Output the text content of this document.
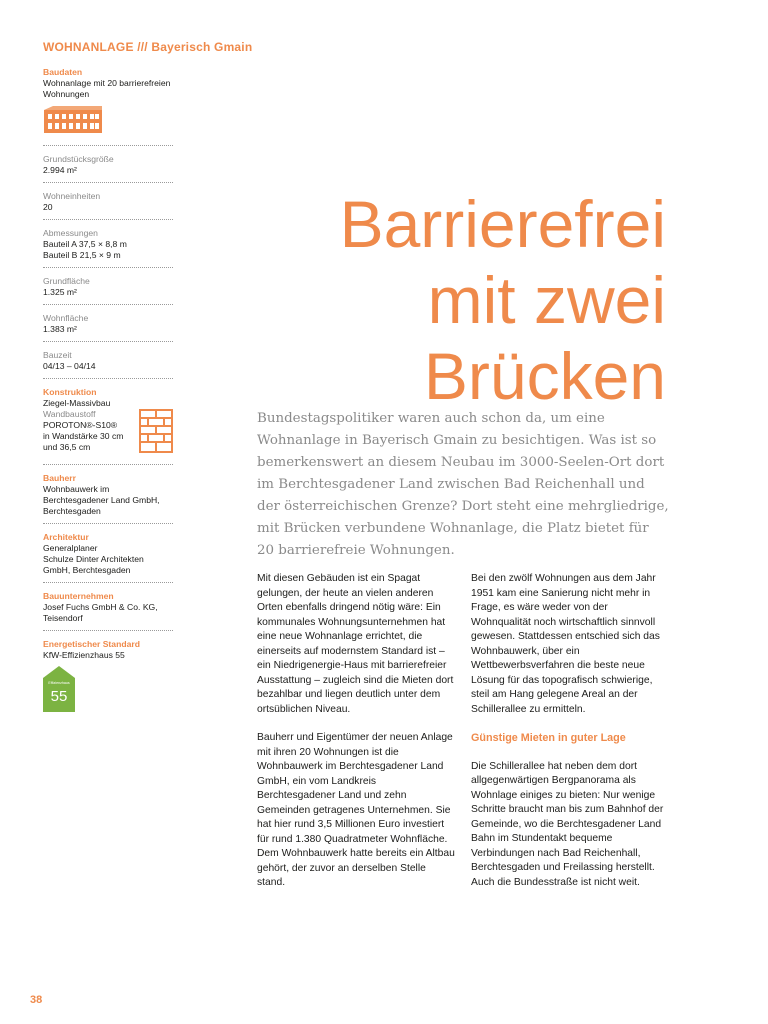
WOHNANLAGE /// Bayerisch Gmain
Baudaten
Wohnanlage mit 20 barrierefreien Wohnungen
Grundstücksgröße
2.994 m²
Wohneinheiten
20
Abmessungen
Bauteil A 37,5 × 8,8 m
Bauteil B 21,5 × 9 m
Grundfläche
1.325 m²
Wohnfläche
1.383 m²
Bauzeit
04/13 – 04/14
Konstruktion
Ziegel-Massivbau
Wandbaustoff
POROTON®-S10® in Wandstärke 30 cm und 36,5 cm
Bauherr
Wohnbauwerk im Berchtesgadener Land GmbH, Berchtesgaden
Architektur
Generalplaner
Schulze Dinter Architekten GmbH, Berchtesgaden
Bauunternehmen
Josef Fuchs GmbH & Co. KG, Teisendorf
Energetischer Standard
KfW-Effizienzhaus 55
Effizienzhaus
55
Barrierefrei
mit zwei
Brücken
Bundestagspolitiker waren auch schon da, um eine Wohnanlage in Bayerisch Gmain zu besichtigen. Was ist so bemerkenswert an diesem Neubau im 3000-Seelen-Ort dort im Berchtesgadener Land zwischen Bad Reichenhall und der österreichischen Grenze? Dort steht eine mehrgliedrige, mit Brücken verbundene Wohnanlage, die Platz bietet für 20 barrierefreie Wohnungen.

Mit diesen Gebäuden ist ein Spagat gelungen, der heute an vielen anderen Orten ebenfalls dringend nötig wäre: Ein kommunales Wohnungsunternehmen hat eine neue Wohnanlage errichtet, die einerseits auf modernstem Standard ist – ein Niedrigenergie-Haus mit barrierefreier Ausstattung – zugleich sind die Mieten dort bezahlbar und liegen deutlich unter dem ortsüblichen Niveau.

Bauherr und Eigentümer der neuen Anlage mit ihren 20 Wohnungen ist die Wohnbauwerk im Berchtesgadener Land GmbH, ein vom Landkreis Berchtesgadener Land und zehn Gemeinden getragenes Unternehmen. Sie hat hier rund 3,5 Millionen Euro investiert für rund 1.380 Quadratmeter Wohnfläche. Dem Wohnbauwerk hatte bereits ein Altbau gehört, der zuvor an derselben Stelle stand.

Bei den zwölf Wohnungen aus dem Jahr 1951 kam eine Sanierung nicht mehr in Frage, es wäre weder von der Wohnqualität noch wirtschaftlich sinnvoll gewesen. Stattdessen entschied sich das Wohnbauwerk, über ein Wettbewerbsverfahren die beste neue Lösung für das topografisch schwierige, steil am Hang gelegene Areal an der Schillerallee zu ermitteln.

Günstige Mieten in guter Lage

Die Schillerallee hat neben dem dort allgegenwärtigen Bergpanorama als Wohnlage einiges zu bieten: Nur wenige Schritte braucht man bis zum Bahnhof der Gemeinde, wo die Berchtesgadener Land Bahn im Stundentakt bequeme Verbindungen nach Bad Reichenhall, Berchtesgaden und Freilassing herstellt. Auch die Bundesstraße ist nicht weit.

38
